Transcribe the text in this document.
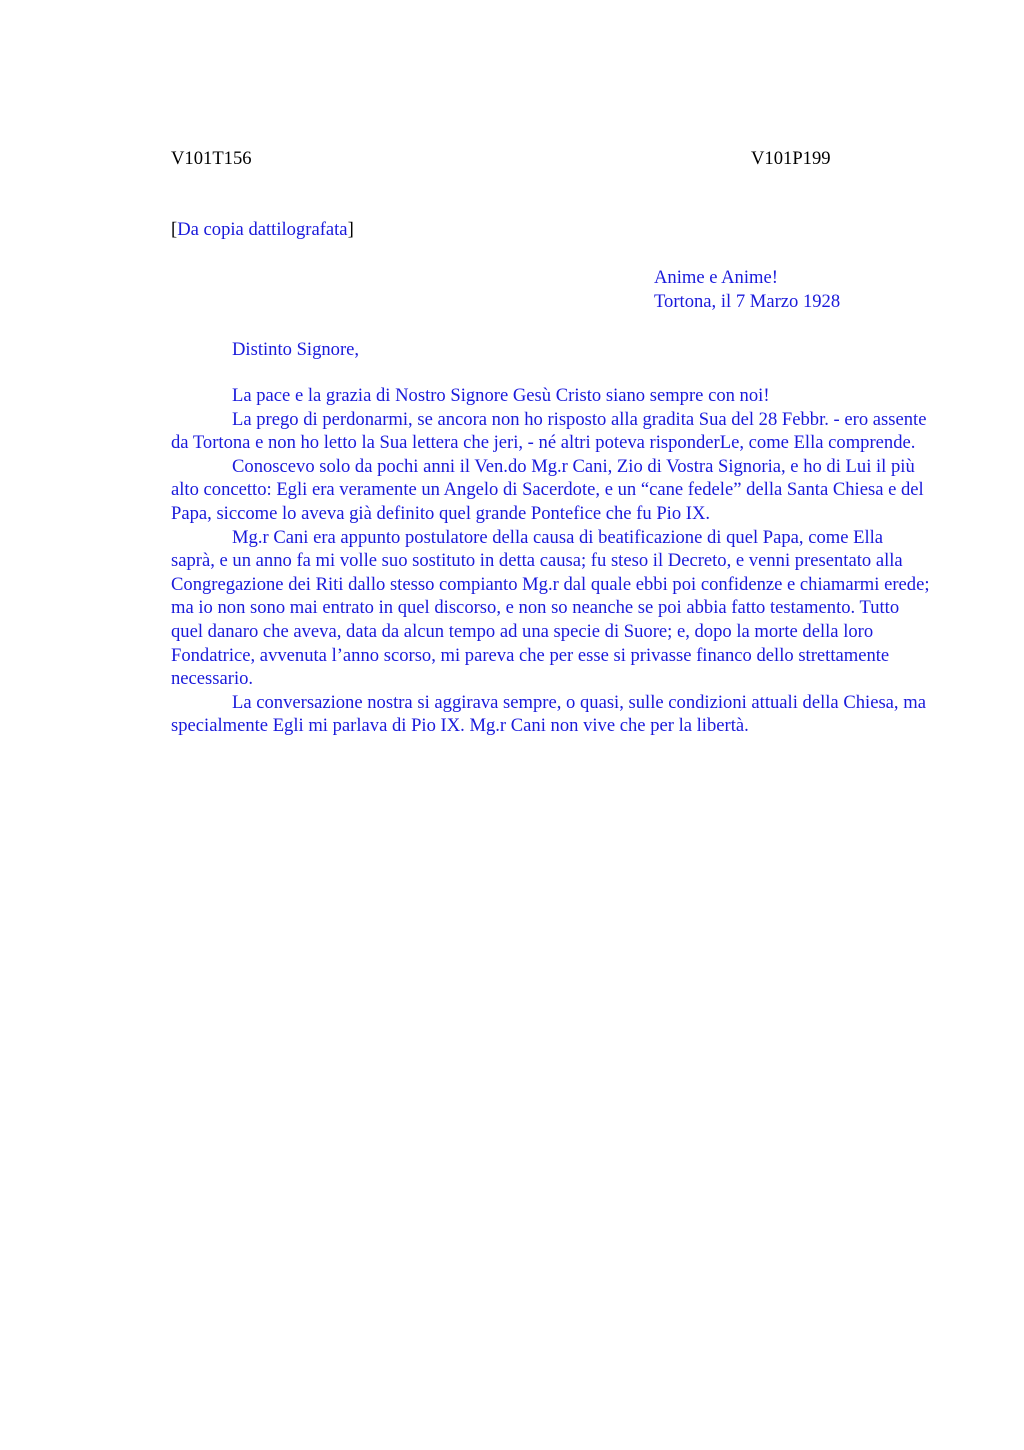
V101T156	V101P199
[Da copia dattilografata]
Anime e Anime!
Tortona, il 7 Marzo 1928
Distinto Signore,

La pace e la grazia di Nostro Signore Gesù Cristo siano sempre con noi!

La prego di perdonarmi, se ancora non ho risposto alla gradita Sua del 28 Febbr. - ero assente da Tortona e non ho letto la Sua lettera che jeri, - né altri poteva risponderLe, come Ella comprende.

Conoscevo solo da pochi anni il Ven.do Mg.r Cani, Zio di Vostra Signoria, e ho di Lui il più alto concetto: Egli era veramente un Angelo di Sacerdote, e un “cane fedele” della Santa Chiesa e del Papa, siccome lo aveva già definito quel grande Pontefice che fu Pio IX.

Mg.r Cani era appunto postulatore della causa di beatificazione di quel Papa, come Ella saprà, e un anno fa mi volle suo sostituto in detta causa; fu steso il Decreto, e venni presentato alla Congregazione dei Riti dallo stesso compianto Mg.r dal quale ebbi poi confidenze e chiamarmi erede; ma io non sono mai entrato in quel discorso, e non so neanche se poi abbia fatto testamento. Tutto quel danaro che aveva, data da alcun tempo ad una specie di Suore; e, dopo la morte della loro Fondatrice, avvenuta l’anno scorso, mi pareva che per esse si privasse financo dello strettamente necessario.

La conversazione nostra si aggirava sempre, o quasi, sulle condizioni attuali della Chiesa, ma specialmente Egli mi parlava di Pio IX. Mg.r Cani non vive che per la libertà.
